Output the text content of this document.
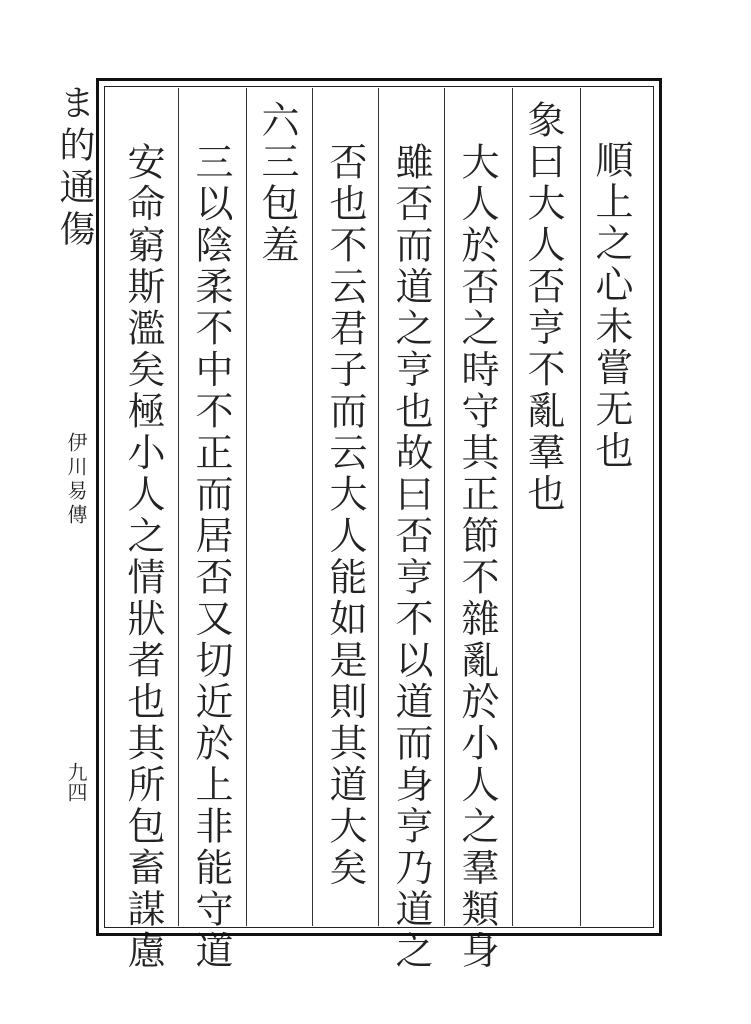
ま的通傷
伊川易傳
九四
順上之心未嘗无也
象曰大人否亨不亂羣也
大人於否之時守其正節不雜亂於小人之羣類身
雖否而道之亨也故曰否亨不以道而身亨乃道之
否也不云君子而云大人能如是則其道大矣
六三包羞
三以陰柔不中不正而居否又切近於上非能守道
安命窮斯濫矣極小人之情狀者也其所包畜謀慮
